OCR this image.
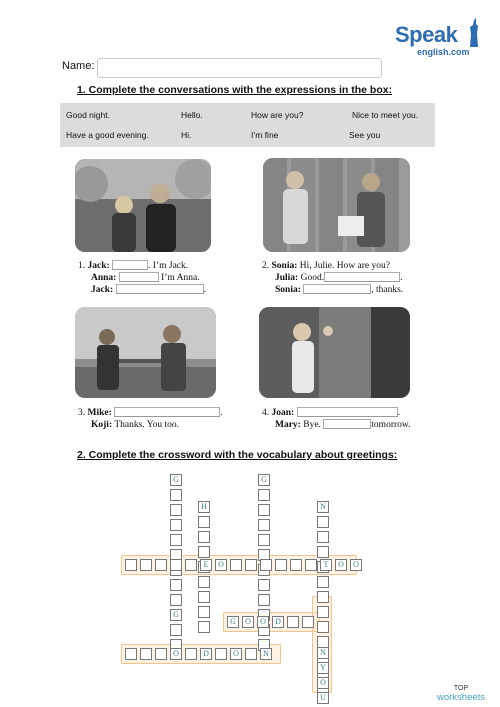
Speak
english.com
Name:
1. Complete the conversations with the expressions in the box:
Good night.	Hello.	How are you?	Nice to meet you.
Have a good evening.	Hi.	I’m fine	See you
1. Jack:	. I’m Jack.
Anna:	I’m Anna.
Jack:	.
2. Sonia: Hi, Julie. How are you?
Julia: Good.	.
Sonia:	, thanks.
3. Mike:	.
Koji: Thanks. You too.
4. Joan:	.
Mary: Bye.	tomorrow.
2. Complete the crossword with the vocabulary about greetings:
G
G
G
H	N
E	O	T	O	O
G	O	O	D
O	D	O	N
Y
O
N
U
TOP
worksheets
